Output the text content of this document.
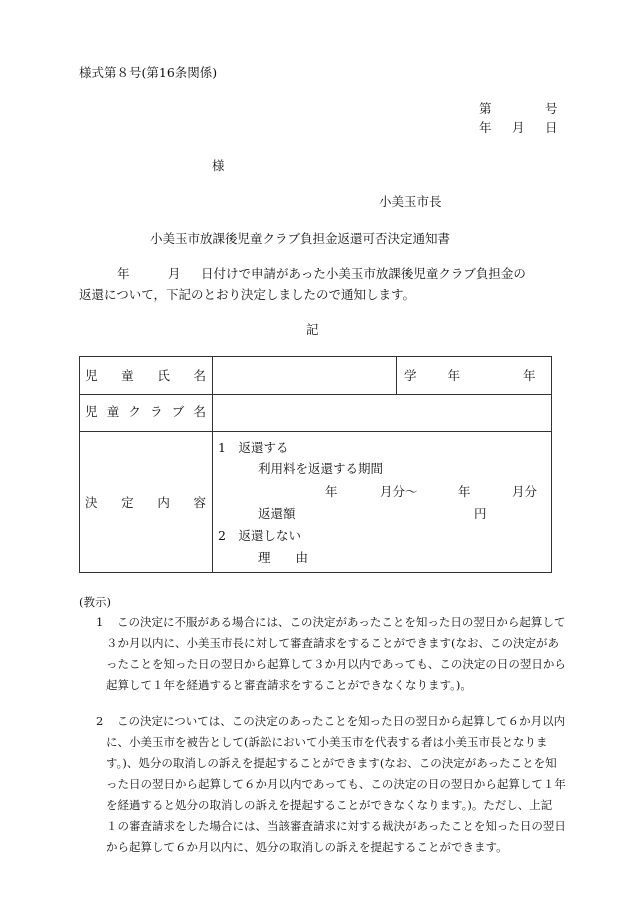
様式第８号(第16条関係)
第	号
年 月 日
様
小美玉市長
小美玉市放課後児童クラブ負担金返還可否決定通知書
年	月 日付けで申請があった小美玉市放課後児童クラブ負担金の
返還について，下記のとおり決定しましたので通知します。
記
児 童 氏 名	学 年	年
児 童 ク ラ ブ 名
決 定 内 容
1　返還する
利用料を返還する期間
年	月分～	年	月分
返還額	円
2　返還しない
理 由
(教示)
1 この決定に不服がある場合には、この決定があったことを知った日の翌日から起算して
３か月以内に、小美玉市長に対して審査請求をすることができます(なお、この決定があ
ったことを知った日の翌日から起算して３か月以内であっても、この決定の日の翌日から
起算して１年を経過すると審査請求をすることができなくなります。)。
2 この決定については、この決定のあったことを知った日の翌日から起算して６か月以内
に、小美玉市を被告として(訴訟において小美玉市を代表する者は小美玉市長となりま
す。)、処分の取消しの訴えを提起することができます(なお、この決定があったことを知
った日の翌日から起算して６か月以内であっても、この決定の日の翌日から起算して１年
を経過すると処分の取消しの訴えを提起することができなくなります。)。ただし、上記
１の審査請求をした場合には、当該審査請求に対する裁決があったことを知った日の翌日
から起算して６か月以内に、処分の取消しの訴えを提起することができます。
